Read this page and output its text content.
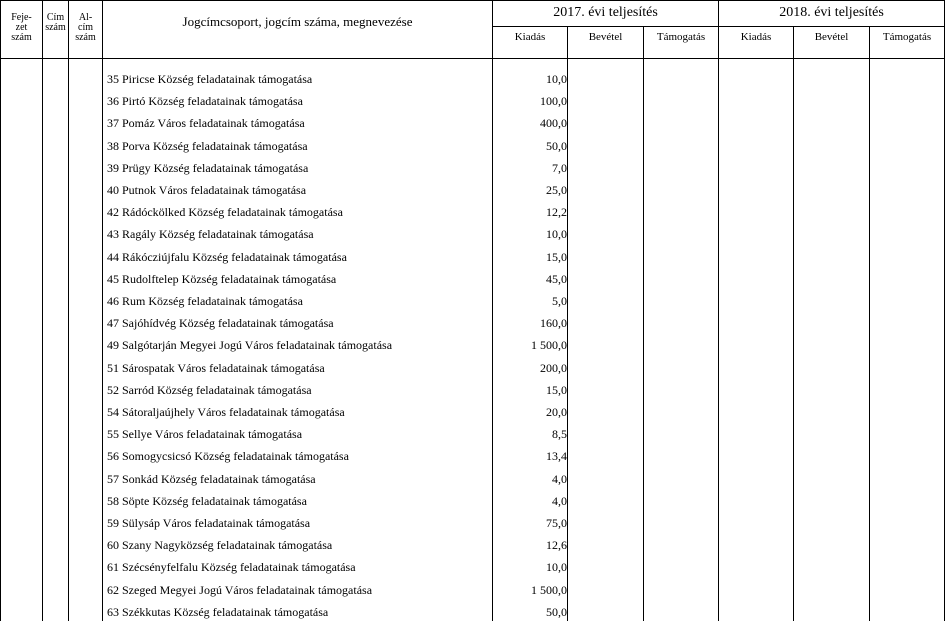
Feje-
zet
szám
Cím
szám
Al-
cím
szám
Jogcímcsoport, jogcím száma, megnevezése
2017. évi teljesítés	2018. évi teljesítés
Kiadás	Bevétel	Támogatás	Kiadás	Bevétel	Támogatás
35 Piricse Község feladatainak támogatása	10,0
36 Pirtó Község feladatainak támogatása	100,0
37 Pomáz Város feladatainak támogatása	400,0
38 Porva Község feladatainak támogatása	50,0
39 Prügy Község feladatainak támogatása	7,0
40 Putnok Város feladatainak támogatása	25,0
42 Rádóckölked Község feladatainak támogatása	12,2
43 Ragály Község feladatainak támogatása	10,0
44 Rákócziújfalu Község feladatainak támogatása	15,0
45 Rudolftelep Község feladatainak támogatása	45,0
46 Rum Község feladatainak támogatása	5,0
47 Sajóhídvég Község feladatainak támogatása	160,0
49 Salgótarján Megyei Jogú Város feladatainak támogatása	1 500,0
51 Sárospatak Város feladatainak támogatása	200,0
52 Sarród Község feladatainak támogatása	15,0
54 Sátoraljaújhely Város feladatainak támogatása	20,0
55 Sellye Város feladatainak támogatása	8,5
56 Somogycsicsó Község feladatainak támogatása	13,4
57 Sonkád Község feladatainak támogatása	4,0
58 Söpte Község feladatainak támogatása	4,0
59 Sülysáp Város feladatainak támogatása	75,0
60 Szany Nagyközség feladatainak támogatása	12,6
61 Szécsényfelfalu Község feladatainak támogatása	10,0
62 Szeged Megyei Jogú Város feladatainak támogatása	1 500,0
63 Székkutas Község feladatainak támogatása	50,0
